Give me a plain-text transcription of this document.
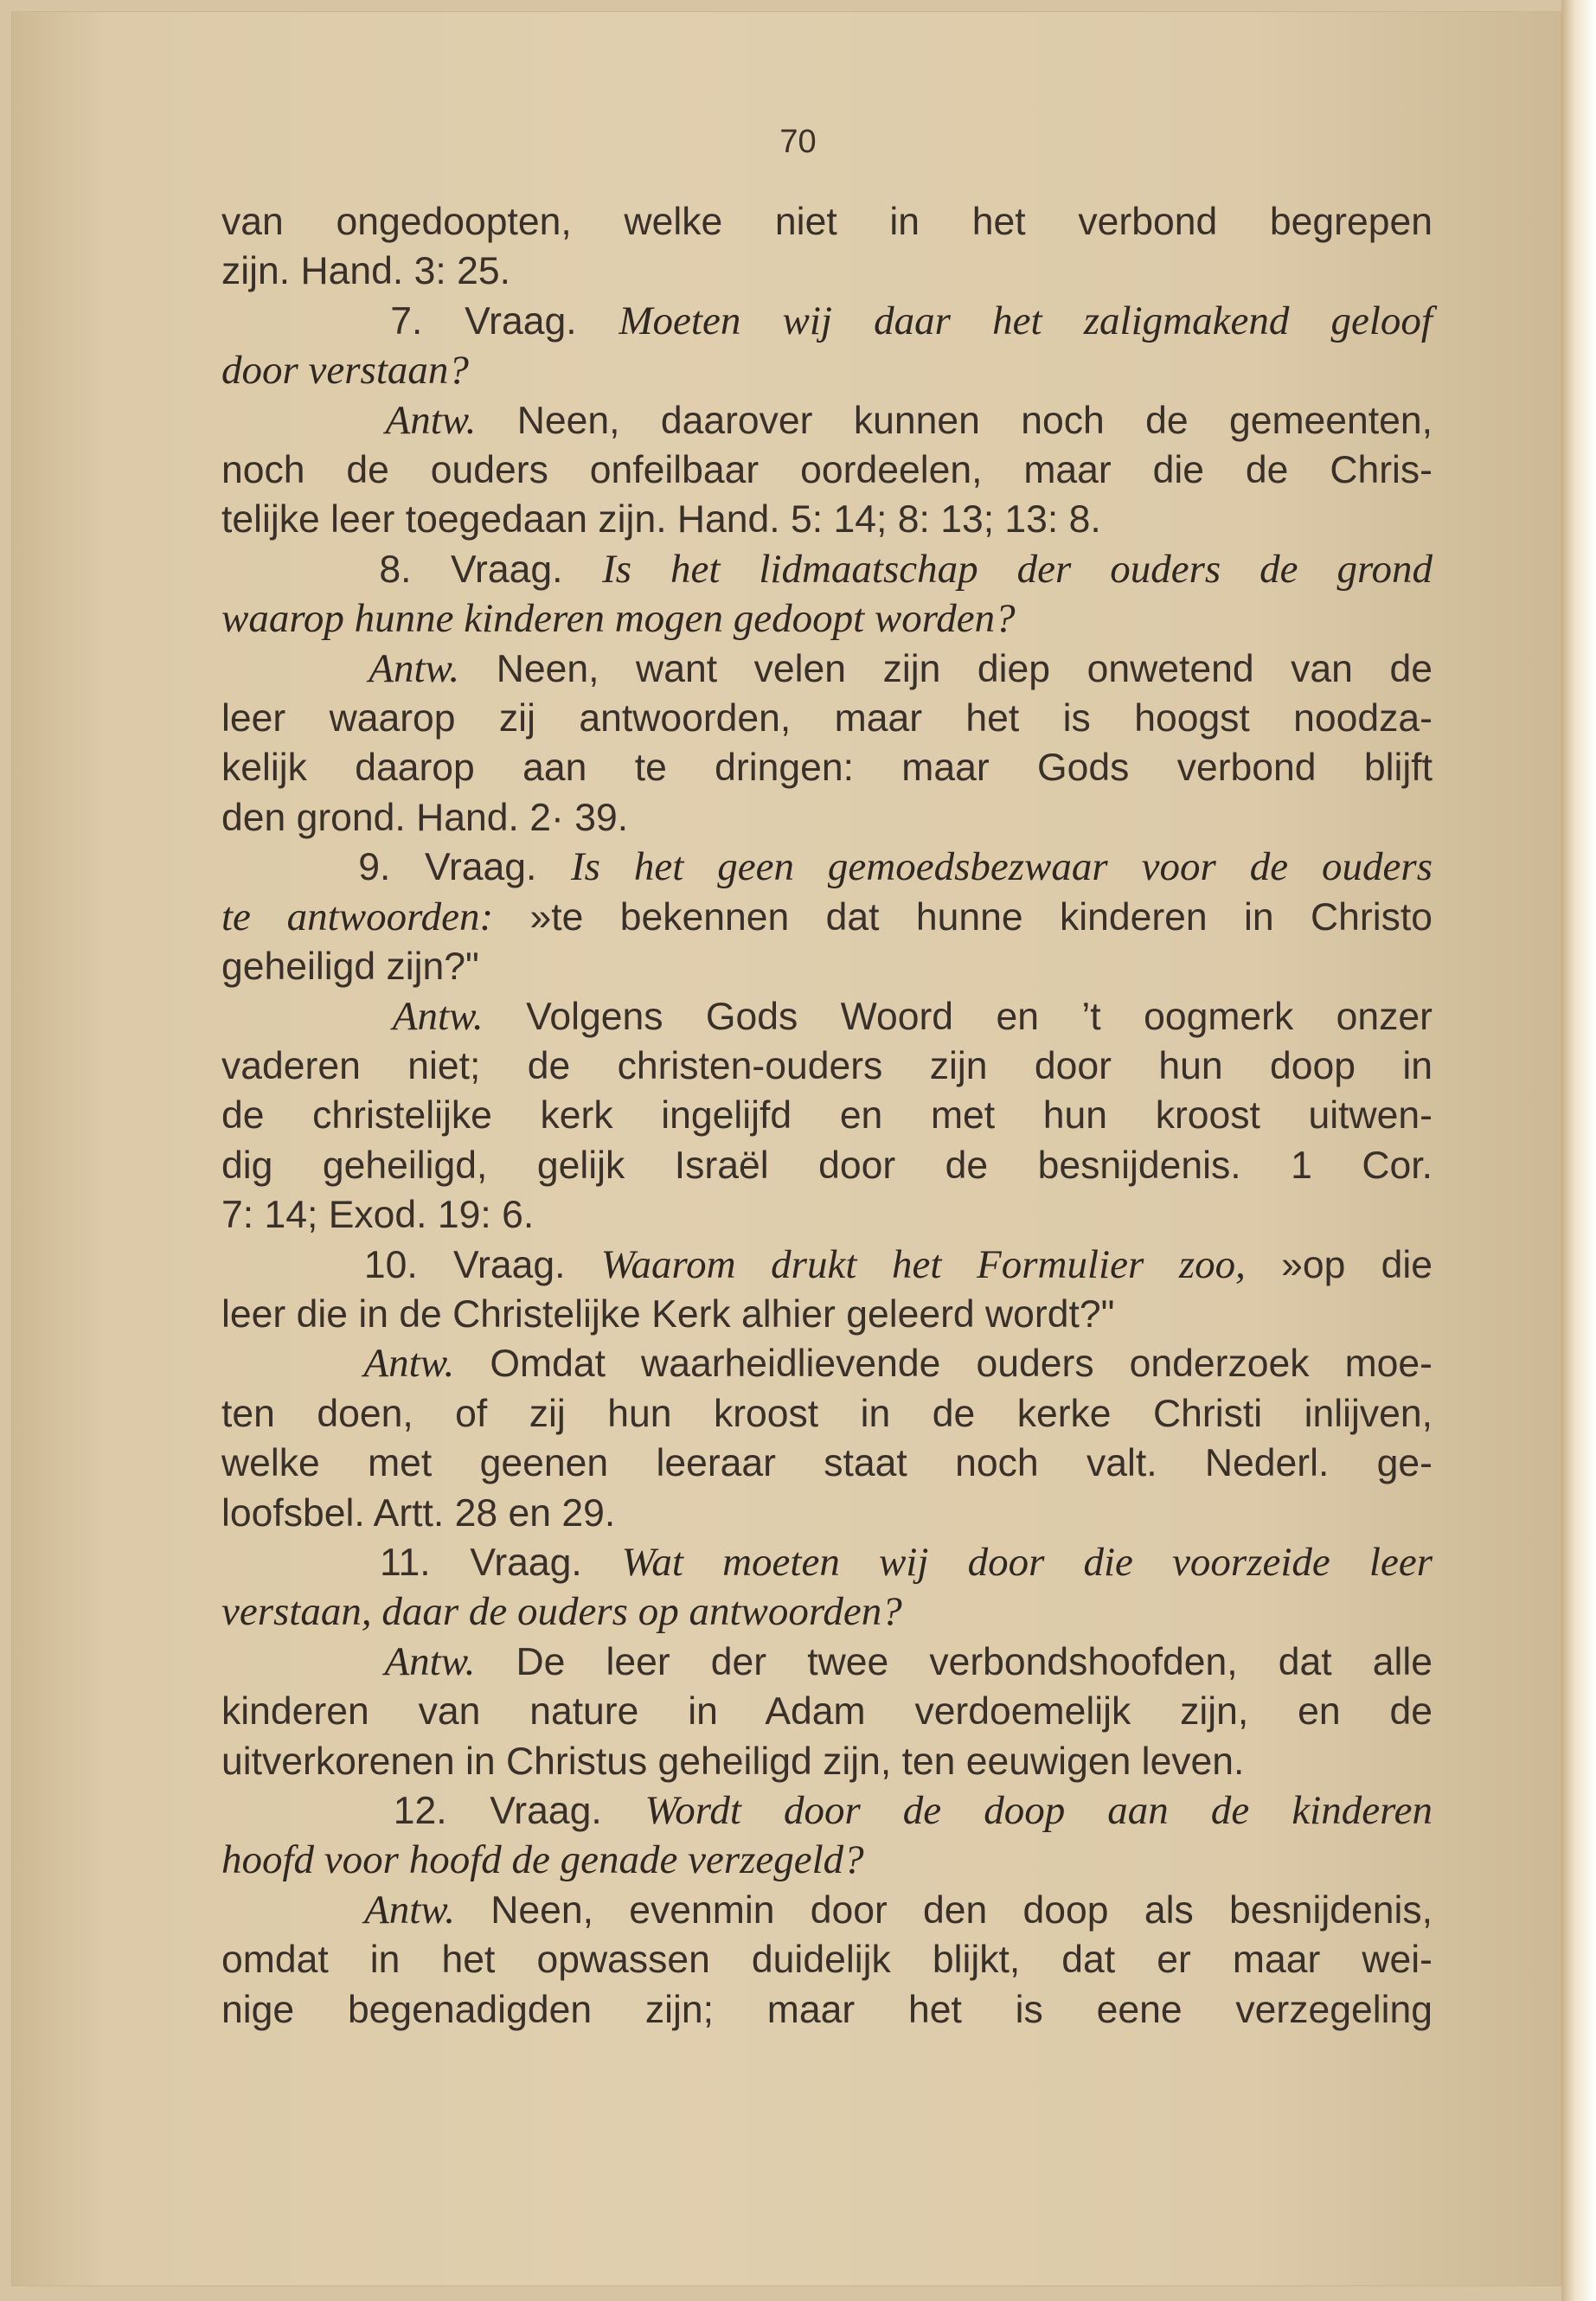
70
van ongedoopten, welke niet in het verbond begrepen
zijn. Hand. 3: 25.
7. Vraag. Moeten wij daar het zaligmakend geloof
door verstaan?
Antw. Neen, daarover kunnen noch de gemeenten,
noch de ouders onfeilbaar oordeelen, maar die de Chris-
telijke leer toegedaan zijn. Hand. 5: 14; 8: 13; 13: 8.
8. Vraag. Is het lidmaatschap der ouders de grond
waarop hunne kinderen mogen gedoopt worden?
Antw. Neen, want velen zijn diep onwetend van de
leer waarop zij antwoorden, maar het is hoogst noodza-
kelijk daarop aan te dringen: maar Gods verbond blijft
den grond. Hand. 2· 39.
9. Vraag. Is het geen gemoedsbezwaar voor de ouders
te antwoorden: »te bekennen dat hunne kinderen in Christo
geheiligd zijn?"
Antw. Volgens Gods Woord en ’t oogmerk onzer
vaderen niet; de christen-ouders zijn door hun doop in
de christelijke kerk ingelijfd en met hun kroost uitwen-
dig geheiligd, gelijk Israël door de besnijdenis. 1 Cor.
7: 14; Exod. 19: 6.
10. Vraag. Waarom drukt het Formulier zoo, »op die
leer die in de Christelijke Kerk alhier geleerd wordt?"
Antw. Omdat waarheidlievende ouders onderzoek moe-
ten doen, of zij hun kroost in de kerke Christi inlijven,
welke met geenen leeraar staat noch valt. Nederl. ge-
loofsbel. Artt. 28 en 29.
11. Vraag. Wat moeten wij door die voorzeide leer
verstaan, daar de ouders op antwoorden?
Antw. De leer der twee verbondshoofden, dat alle
kinderen van nature in Adam verdoemelijk zijn, en de
uitverkorenen in Christus geheiligd zijn, ten eeuwigen leven.
12. Vraag. Wordt door de doop aan de kinderen
hoofd voor hoofd de genade verzegeld?
Antw. Neen, evenmin door den doop als besnijdenis,
omdat in het opwassen duidelijk blijkt, dat er maar wei-
nige begenadigden zijn; maar het is eene verzegeling
